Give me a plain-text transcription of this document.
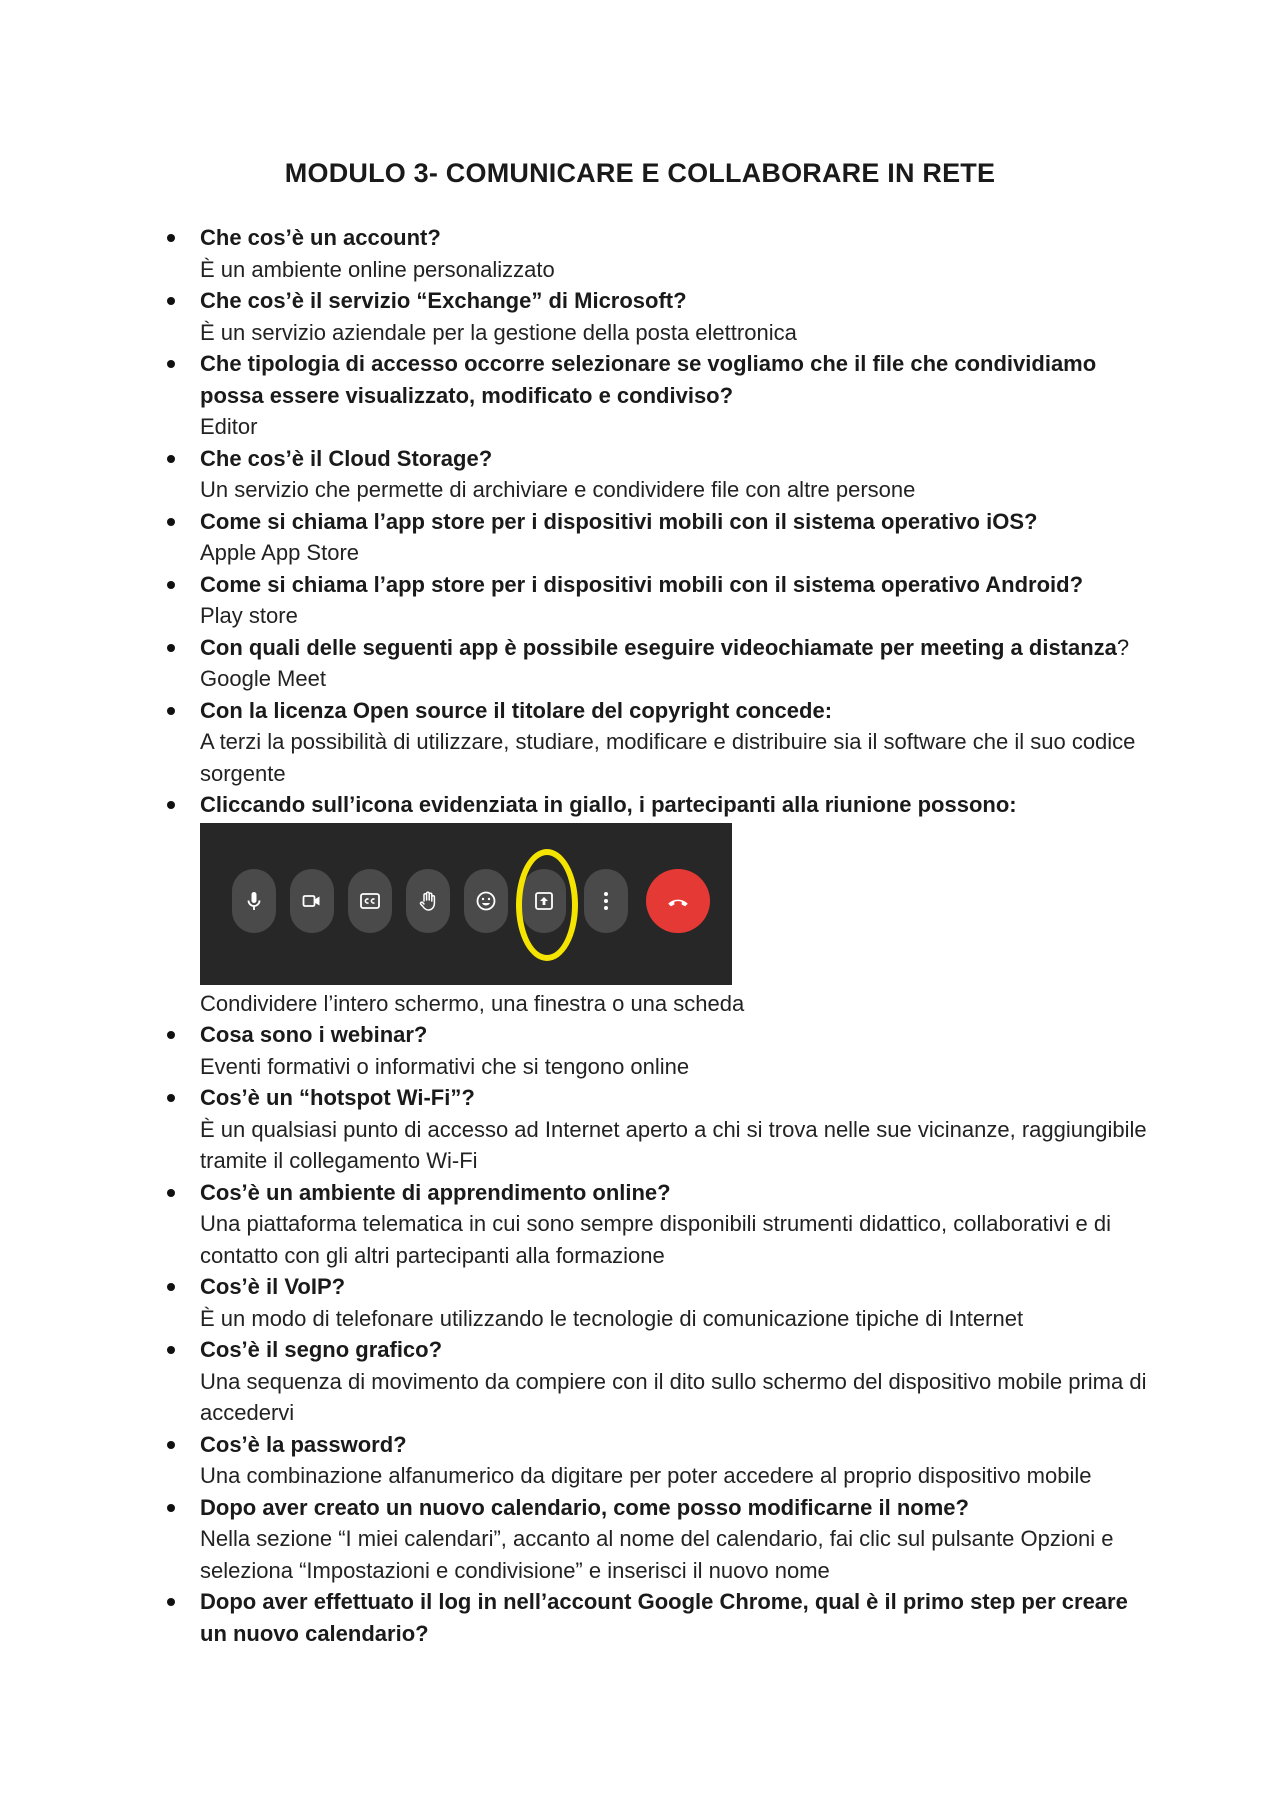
MODULO 3- COMUNICARE E COLLABORARE IN RETE
Che cos’è un account?
È un ambiente online personalizzato
Che cos’è il servizio “Exchange” di Microsoft?
È un servizio aziendale per la gestione della posta elettronica
Che tipologia di accesso occorre selezionare se vogliamo che il file che condividiamo possa essere visualizzato, modificato e condiviso?
Editor
Che cos’è il Cloud Storage?
Un servizio che permette di archiviare e condividere file con altre persone
Come si chiama l’app store per i dispositivi mobili con il sistema operativo iOS?
Apple App Store
Come si chiama l’app store per i dispositivi mobili con il sistema operativo Android?
Play store
Con quali delle seguenti app è possibile eseguire videochiamate per meeting a distanza?
Google Meet
Con la licenza Open source il titolare del copyright concede:
A terzi la possibilità di utilizzare, studiare, modificare e distribuire sia il software che il suo codice sorgente
Cliccando sull’icona evidenziata in giallo, i partecipanti alla riunione possono:
Condividere l’intero schermo, una finestra o una scheda
Cosa sono i webinar?
Eventi formativi o informativi che si tengono online
Cos’è un “hotspot Wi-Fi”?
È un qualsiasi punto di accesso ad Internet aperto a chi si trova nelle sue vicinanze, raggiungibile tramite il collegamento Wi-Fi
Cos’è un ambiente di apprendimento online?
Una piattaforma telematica in cui sono sempre disponibili strumenti didattico, collaborativi e di contatto con gli altri partecipanti alla formazione
Cos’è il VoIP?
È un modo di telefonare utilizzando le tecnologie di comunicazione tipiche di Internet
Cos’è il segno grafico?
Una sequenza di movimento da compiere con il dito sullo schermo del dispositivo mobile prima di accedervi
Cos’è la password?
Una combinazione alfanumerico da digitare per poter accedere al proprio dispositivo mobile
Dopo aver creato un nuovo calendario, come posso modificarne il nome?
Nella sezione “I miei calendari”, accanto al nome del calendario, fai clic sul pulsante Opzioni e seleziona “Impostazioni e condivisione” e inserisci il nuovo nome
Dopo aver effettuato il log in nell’account Google Chrome, qual è il primo step per creare un nuovo calendario?
